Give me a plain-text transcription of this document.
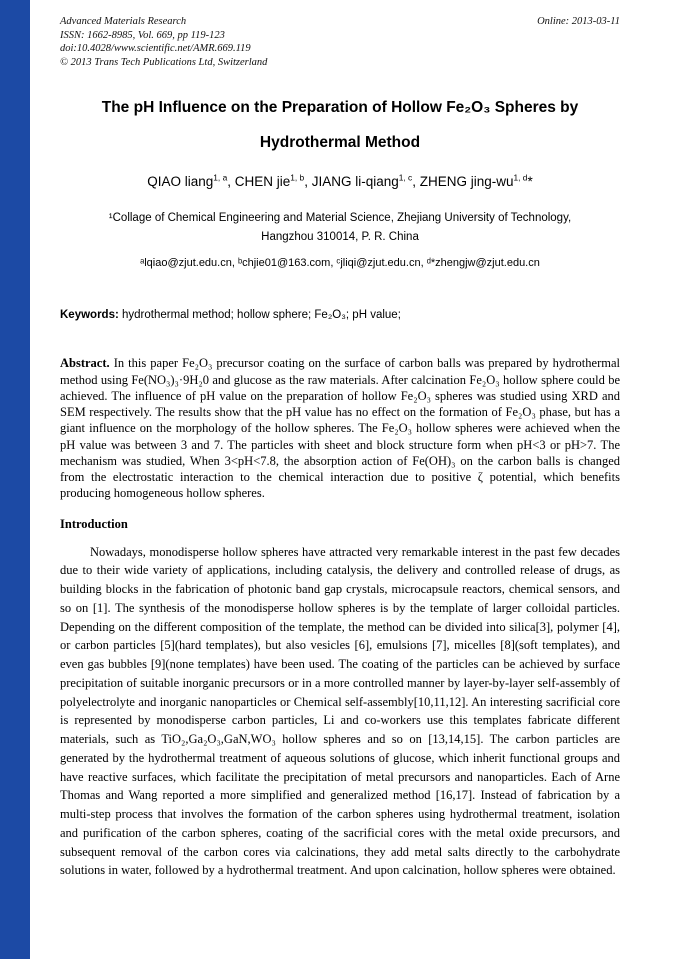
Advanced Materials Research	Online: 2013-03-11
ISSN: 1662-8985, Vol. 669, pp 119-123
doi:10.4028/www.scientific.net/AMR.669.119
© 2013 Trans Tech Publications Ltd, Switzerland
The pH Influence on the Preparation of Hollow Fe₂O₃ Spheres by
Hydrothermal Method
QIAO liang$^{1, a}$, CHEN jie$^{1, b}$, JIANG li-qiang$^{1, c}$, ZHENG jing-wu$^{1, d}$*
¹Collage of Chemical Engineering and Material Science, Zhejiang University of Technology, Hangzhou 310014, P. R. China
ᵃlqiao@zjut.edu.cn, ᵇchjie01@163.com, ᶜjliqi@zjut.edu.cn, ᵈ*zhengjw@zjut.edu.cn

Keywords: hydrothermal method; hollow sphere; Fe₂O₃; pH value;

Abstract. In this paper Fe₂O₃ precursor coating on the surface of carbon balls was prepared by hydrothermal method using Fe(NO₃)₃·9H₂0 and glucose as the raw materials. After calcination Fe₂O₃ hollow sphere could be achieved. The influence of pH value on the preparation of hollow Fe₂O₃ spheres was studied using XRD and SEM respectively. The results show that the pH value has no effect on the formation of Fe₂O₃ phase, but has a giant influence on the morphology of the hollow spheres. The Fe₂O₃ hollow spheres were achieved when the pH value was between 3 and 7. The particles with sheet and block structure form when pH<3 or pH>7. The mechanism was studied, When 3<pH<7.8, the absorption action of Fe(OH)₃ on the carbon balls is changed from the electrostatic interaction to the chemical interaction due to positive ζ potential, which benefits producing homogeneous hollow spheres.

Introduction

Nowadays, monodisperse hollow spheres have attracted very remarkable interest in the past few decades due to their wide variety of applications, including catalysis, the delivery and controlled release of drugs, as building blocks in the fabrication of photonic band gap crystals, microcapsule reactors, chemical sensors, and so on [1]. The synthesis of the monodisperse hollow spheres is by the template of larger colloidal particles. Depending on the different composition of the template, the method can be divided into silica[3], polymer [4], or carbon particles [5](hard templates), but also vesicles [6], emulsions [7], micelles [8](soft templates), and even gas bubbles [9](none templates) have been used. The coating of the particles can be achieved by surface precipitation of suitable inorganic precursors or in a more controlled manner by layer-by-layer self-assembly of polyelectrolyte and inorganic nanoparticles or Chemical self-assembly[10,11,12]. An interesting sacrificial core is represented by monodisperse carbon particles, Li and co-workers use this templates fabricate different materials, such as TiO₂,Ga₂O₃,GaN,WO₃ hollow spheres and so on [13,14,15]. The carbon particles are generated by the hydrothermal treatment of aqueous solutions of glucose, which inherit functional groups and have reactive surfaces, which facilitate the precipitation of metal precursors and nanoparticles. Each of Arne Thomas and Wang reported a more simplified and generalized method [16,17]. Instead of fabrication by a multi-step process that involves the formation of the carbon spheres using hydrothermal treatment, isolation and purification of the carbon spheres, coating of the sacrificial cores with the metal oxide precursors, and subsequent removal of the carbon cores via calcinations, they add metal salts directly to the carbohydrate solutions in water, followed by a hydrothermal treatment. And upon calcination, hollow spheres were obtained.
